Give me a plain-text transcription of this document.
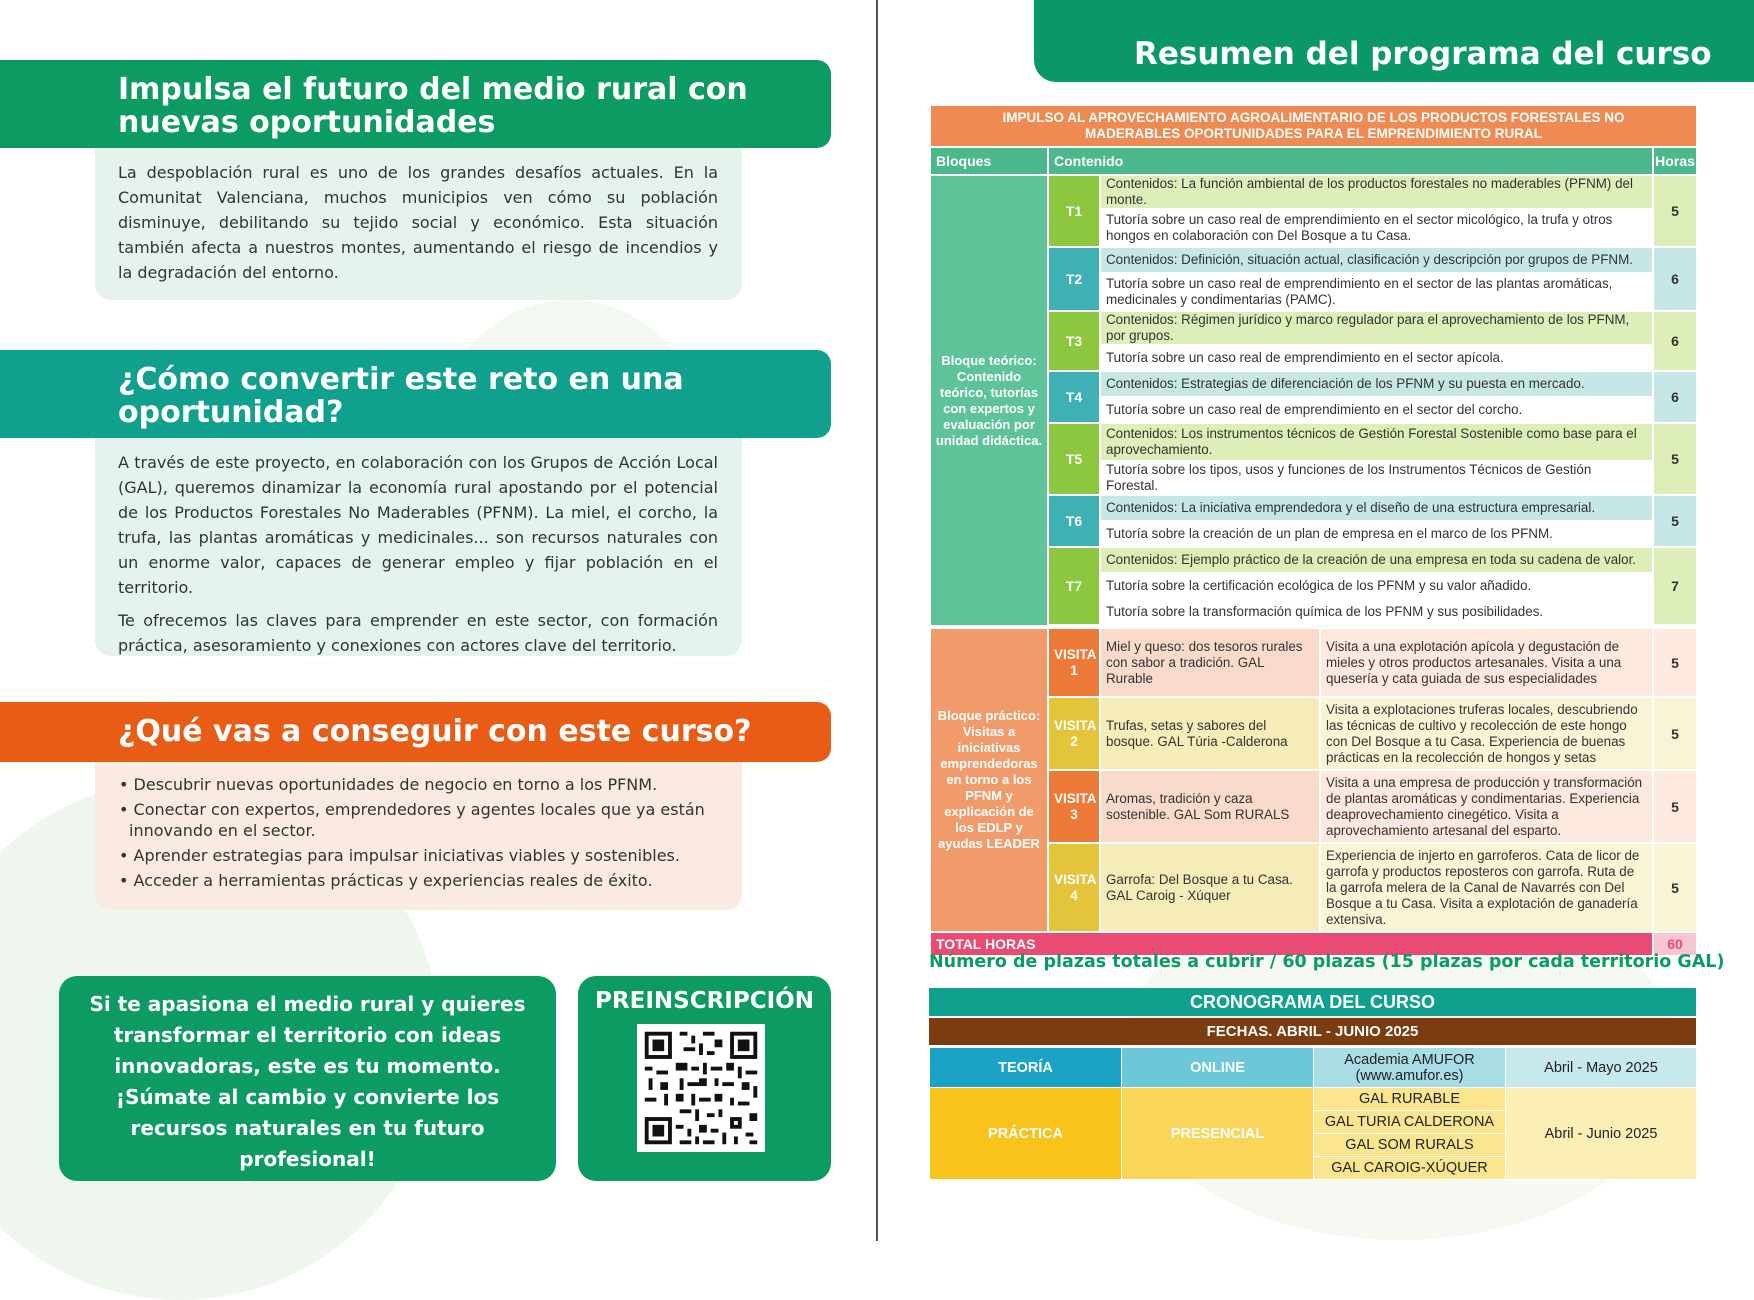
Impulsa el futuro del medio rural con nuevas oportunidades

La despoblación rural es uno de los grandes desafíos actuales. En la Comunitat Valenciana, muchos municipios ven cómo su población disminuye, debilitando su tejido social y económico. Esta situación también afecta a nuestros montes, aumentando el riesgo de incendios y la degradación del entorno.

¿Cómo convertir este reto en una oportunidad?

A través de este proyecto, en colaboración con los Grupos de Acción Local (GAL), queremos dinamizar la economía rural apostando por el potencial de los Productos Forestales No Maderables (PFNM). La miel, el corcho, la trufa, las plantas aromáticas y medicinales... son recursos naturales con un enorme valor, capaces de generar empleo y fijar población en el territorio.

Te ofrecemos las claves para emprender en este sector, con formación práctica, asesoramiento y conexiones con actores clave del territorio.

¿Qué vas a conseguir con este curso?
• Descubrir nuevas oportunidades de negocio en torno a los PFNM.
• Conectar con expertos, emprendedores y agentes locales que ya están innovando en el sector.
• Aprender estrategias para impulsar iniciativas viables y sostenibles.
• Acceder a herramientas prácticas y experiencias reales de éxito.
Si te apasiona el medio rural y quieres transformar el territorio con ideas innovadoras, este es tu momento.
¡Súmate al cambio y convierte los recursos naturales en tu futuro profesional!
PREINSCRIPCIÓN
Resumen del programa del curso
IMPULSO AL APROVECHAMIENTO AGROALIMENTARIO DE LOS PRODUCTOS FORESTALES NO MADERABLES OPORTUNIDADES PARA EL EMPRENDIMIENTO RURAL				
Bloques	Contenido			Horas
Bloque teórico: Contenido teórico, tutorías con expertos y evaluación por unidad didáctica.	T1	Contenidos: La función ambiental de los productos forestales no maderables (PFNM) del monte.		5
		Tutoría sobre un caso real de emprendimiento en el sector micológico, la trufa y otros hongos en colaboración con Del Bosque a tu Casa.		
	T2	Contenidos: Definición, situación actual, clasificación y descripción por grupos de PFNM.		6
		Tutoría sobre un caso real de emprendimiento en el sector de las plantas aromáticas, medicinales y condimentarias (PAMC).		
	T3	Contenidos: Régimen jurídico y marco regulador para el aprovechamiento de los PFNM, por grupos.		6
		Tutoría sobre un caso real de emprendimiento en el sector apícola.		
	T4	Contenidos: Estrategias de diferenciación de los PFNM y su puesta en mercado.		6
		Tutoría sobre un caso real de emprendimiento en el sector del corcho.		
	T5	Contenidos: Los instrumentos técnicos de Gestión Forestal Sostenible como base para el aprovechamiento.		5
		Tutoría sobre los tipos, usos y funciones de los Instrumentos Técnicos de Gestión Forestal.		
	T6	Contenidos: La iniciativa emprendedora y el diseño de una estructura empresarial.		5
		Tutoría sobre la creación de un plan de empresa en el marco de los PFNM.		
	T7	Contenidos: Ejemplo práctico de la creación de una empresa en toda su cadena de valor.		7
		Tutoría sobre la certificación ecológica de los PFNM y su valor añadido.		
		Tutoría sobre la transformación química de los PFNM y sus posibilidades.		

Bloque práctico: Visitas a iniciativas emprendedoras en torno a los PFNM y explicación de los EDLP y ayudas LEADER	VISITA 1	Miel y queso: dos tesoros rurales con sabor a tradición. GAL Rurable	Visita a una explotación apícola y degustación de mieles y otros productos artesanales. Visita a una quesería y cata guiada de sus especialidades	5
	VISITA 2	Trufas, setas y sabores del bosque. GAL Túria -Calderona	Visita a explotaciones truferas locales, descubriendo las técnicas de cultivo y recolección de este hongo con Del Bosque a tu Casa. Experiencia de buenas prácticas en la recolección de hongos y setas	5
	VISITA 3	Aromas, tradición y caza sostenible. GAL Som RURALS	Visita a una empresa de producción y transformación de plantas aromáticas y condimentarias. Experiencia deaprovechamiento cinegético. Visita a aprovechamiento artesanal del esparto.	5
	VISITA 4	Garrofa: Del Bosque a tu Casa. GAL Caroig - Xúquer	Experiencia de injerto en garroferos. Cata de licor de garrofa y productos reposteros con garrofa. Ruta de la garrofa melera de la Canal de Navarrés con Del Bosque a tu Casa. Visita a explotación de ganadería extensiva.	5
TOTAL HORAS				60
Número de plazas totales a cubrir / 60 plazas (15 plazas por cada territorio GAL)
CRONOGRAMA DEL CURSO
FECHAS. ABRIL - JUNIO 2025
TEORÍA	ONLINE	Academia AMUFOR (www.amufor.es)	Abril - Mayo 2025
PRÁCTICA	PRESENCIAL	GAL RURABLE	Abril - Junio 2025
		GAL TURIA CALDERONA	
		GAL SOM RURALS	
		GAL CAROIG-XÚQUER	
